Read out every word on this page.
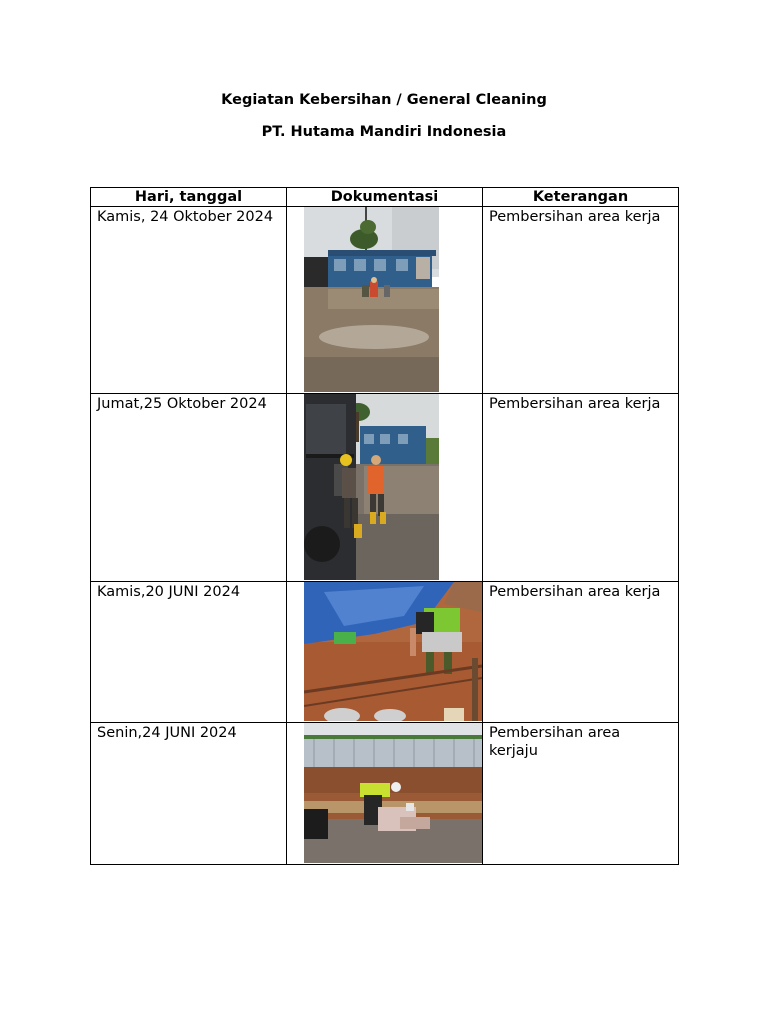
Kegiatan Kebersihan / General Cleaning
PT. Hutama Mandiri Indonesia
Hari, tanggal	Dokumentasi	Keterangan
Kamis, 24 Oktober 2024		Pembersihan area kerja
Jumat,25 Oktober 2024		Pembersihan area kerja
Kamis,20 JUNI 2024		Pembersihan area kerja
Senin,24 JUNI 2024		Pembersihan area kerjaju
